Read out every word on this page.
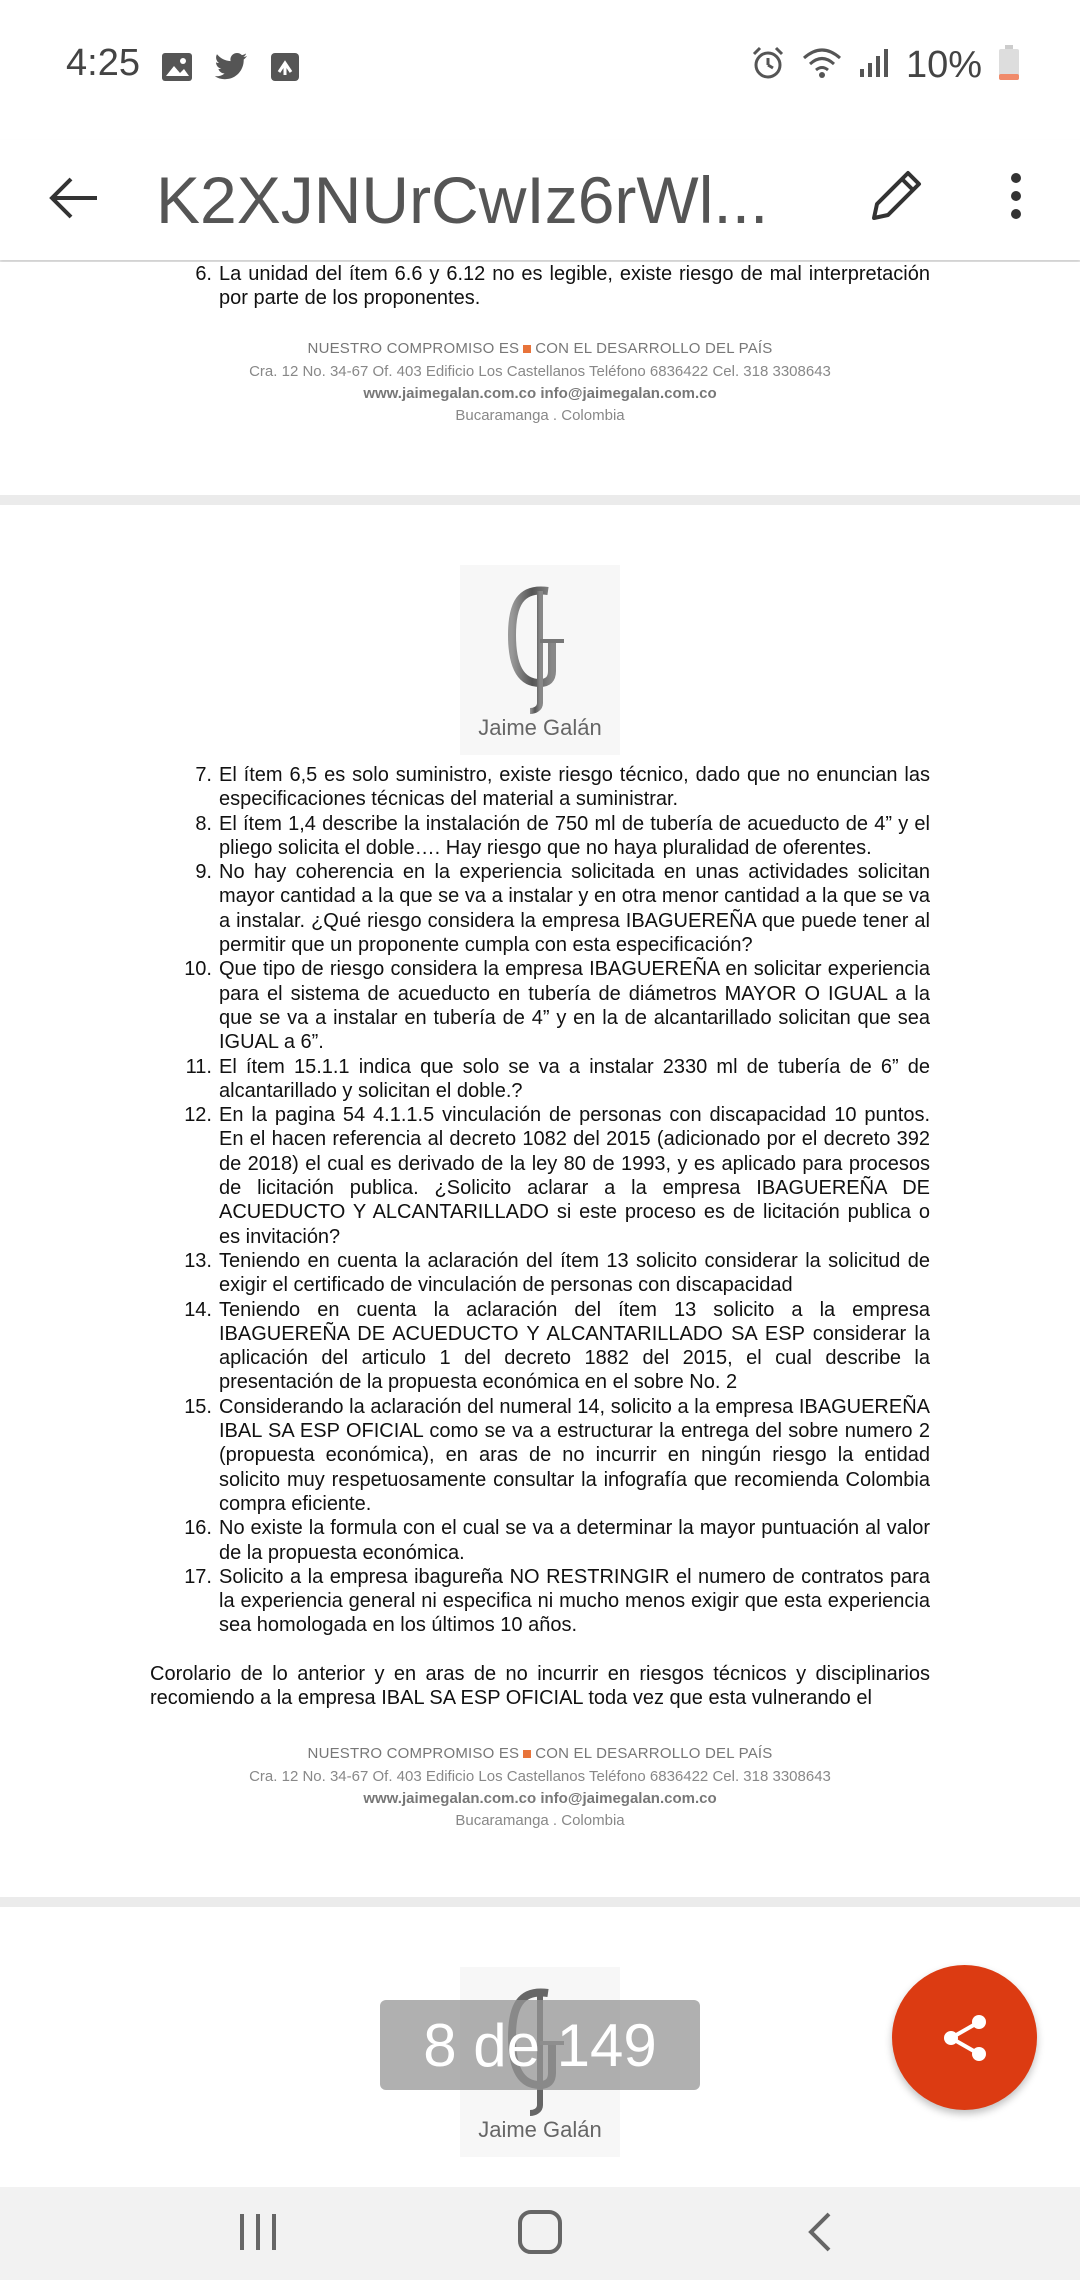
4:25	10%
K2XJNUrCwIz6rWl...
6. La unidad del ítem 6.6 y 6.12 no es legible, existe riesgo de mal interpretación por parte de los proponentes.
NUESTRO COMPROMISO ES CON EL DESARROLLO DEL PAÍS
Cra. 12 No. 34-67 Of. 403 Edificio Los Castellanos Teléfono 6836422 Cel. 318 3308643
www.jaimegalan.com.co info@jaimegalan.com.co
Bucaramanga . Colombia
Jaime Galán
7. El ítem 6,5 es solo suministro, existe riesgo técnico, dado que no enuncian las especificaciones técnicas del material a suministrar.
8. El ítem 1,4 describe la instalación de 750 ml de tubería de acueducto de 4” y el pliego solicita el doble…. Hay riesgo que no haya pluralidad de oferentes.
9. No hay coherencia en la experiencia solicitada en unas actividades solicitan mayor cantidad a la que se va a instalar y en otra menor cantidad a la que se va a instalar. ¿Qué riesgo considera la empresa IBAGUEREÑA que puede tener al permitir que un proponente cumpla con esta especificación?
10. Que tipo de riesgo considera la empresa IBAGUEREÑA en solicitar experiencia para el sistema de acueducto en tubería de diámetros MAYOR O IGUAL a la que se va a instalar en tubería de 4” y en la de alcantarillado solicitan que sea IGUAL a 6”.
11. El ítem 15.1.1 indica que solo se va a instalar 2330 ml de tubería de 6” de alcantarillado y solicitan el doble.?
12. En la pagina 54 4.1.1.5 vinculación de personas con discapacidad 10 puntos. En el hacen referencia al decreto 1082 del 2015 (adicionado por el decreto 392 de 2018) el cual es derivado de la ley 80 de 1993, y es aplicado para procesos de licitación publica. ¿Solicito aclarar a la empresa IBAGUEREÑA DE ACUEDUCTO Y ALCANTARILLADO si este proceso es de licitación publica o es invitación?
13. Teniendo en cuenta la aclaración del ítem 13 solicito considerar la solicitud de exigir el certificado de vinculación de personas con discapacidad
14. Teniendo en cuenta la aclaración del ítem 13 solicito a la empresa IBAGUEREÑA DE ACUEDUCTO Y ALCANTARILLADO SA ESP considerar la aplicación del articulo 1 del decreto 1882 del 2015, el cual describe la presentación de la propuesta económica en el sobre No. 2
15. Considerando la aclaración del numeral 14, solicito a la empresa IBAGUEREÑA IBAL SA ESP OFICIAL como se va a estructurar la entrega del sobre numero 2 (propuesta económica), en aras de no incurrir en ningún riesgo la entidad solicito muy respetuosamente consultar la infografía que recomienda Colombia compra eficiente.
16. No existe la formula con el cual se va a determinar la mayor puntuación al valor de la propuesta económica.
17. Solicito a la empresa ibagureña NO RESTRINGIR el numero de contratos para la experiencia general ni especifica ni mucho menos exigir que esta experiencia sea homologada en los últimos 10 años.
Corolario de lo anterior y en aras de no incurrir en riesgos técnicos y disciplinarios recomiendo a la empresa IBAL SA ESP OFICIAL toda vez que esta vulnerando el
NUESTRO COMPROMISO ES CON EL DESARROLLO DEL PAÍS
Cra. 12 No. 34-67 Of. 403 Edificio Los Castellanos Teléfono 6836422 Cel. 318 3308643
www.jaimegalan.com.co info@jaimegalan.com.co
Bucaramanga . Colombia
Jaime Galán
8 de 149
